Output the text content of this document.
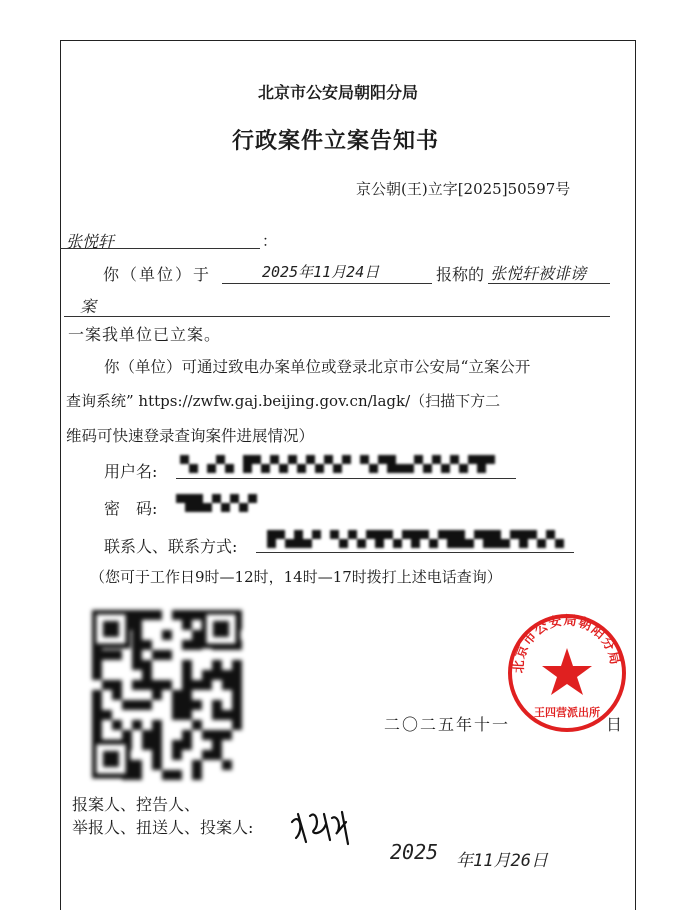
北京市公安局朝阳分局
行政案件立案告知书
京公朝(王)立字[2025]50597号
张悦轩	：
你（单位）于	2025年11月24日	报称的 张悦轩被诽谤
案
一案我单位已立案。
你（单位）可通过致电办案单位或登录北京市公安局“立案公开
查询系统” https://zwfw.gaj.beijing.gov.cn/lagk/（扫描下方二
维码可快速登录查询案件进展情况）
用户名:
密　码:
联系人、联系方式:
（您可于工作日9时—12时，14时—17时拨打上述电话查询）
二〇二五年十一	日
北京市公安局朝阳分局
王四营派出所
报案人、控告人、
举报人、扭送人、投案人:
2025 年11月26日
